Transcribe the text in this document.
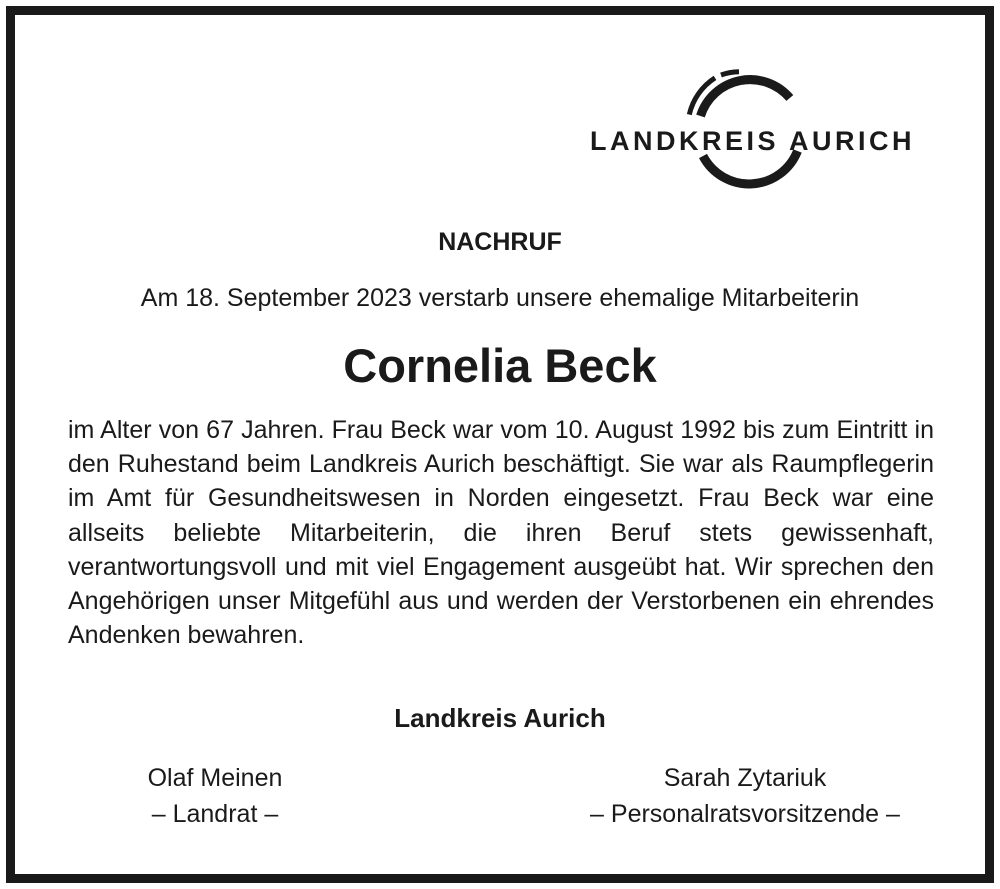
LANDKREIS AURICH
NACHRUF
Am 18. September 2023 verstarb unsere ehemalige Mitarbeiterin
Cornelia Beck
im Alter von 67 Jahren. Frau Beck war vom 10. August 1992 bis zum Eintritt in den Ruhestand beim Landkreis Aurich beschäftigt. Sie war als Raumpflegerin im Amt für Gesundheitswesen in Norden eingesetzt. Frau Beck war eine allseits beliebte Mitarbeiterin, die ihren Beruf stets gewissenhaft, verantwortungsvoll und mit viel Engagement ausgeübt hat. Wir sprechen den Angehörigen unser Mitgefühl aus und werden der Verstorbenen ein ehrendes Andenken bewahren.
Landkreis Aurich
Olaf Meinen
– Landrat –
Sarah Zytariuk
– Personalratsvorsitzende –
